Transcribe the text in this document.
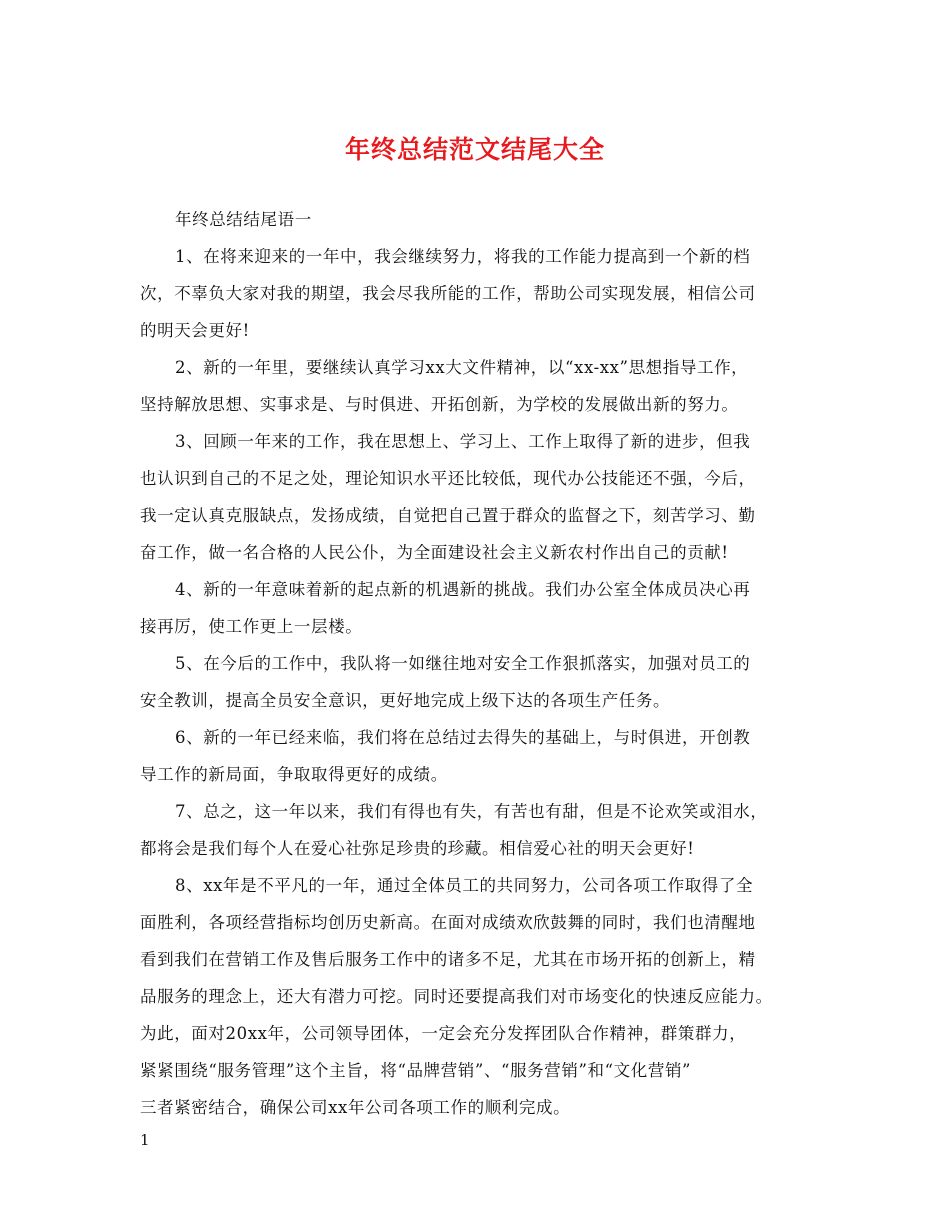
年终总结范文结尾大全
年终总结结尾语一
1、在将来迎来的一年中，我会继续努力，将我的工作能力提高到一个新的档
次，不辜负大家对我的期望，我会尽我所能的工作，帮助公司实现发展，相信公司
的明天会更好!
2、新的一年里，要继续认真学习xx大文件精神，以“xx-xx”思想指导工作，
坚持解放思想、实事求是、与时俱进、开拓创新，为学校的发展做出新的努力。
3、回顾一年来的工作，我在思想上、学习上、工作上取得了新的进步，但我
也认识到自己的不足之处，理论知识水平还比较低，现代办公技能还不强，今后，
我一定认真克服缺点，发扬成绩，自觉把自己置于群众的监督之下，刻苦学习、勤
奋工作，做一名合格的人民公仆，为全面建设社会主义新农村作出自己的贡献!
4、新的一年意味着新的起点新的机遇新的挑战。我们办公室全体成员决心再
接再厉，使工作更上一层楼。
5、在今后的工作中，我队将一如继往地对安全工作狠抓落实，加强对员工的
安全教训，提高全员安全意识，更好地完成上级下达的各项生产任务。
6、新的一年已经来临，我们将在总结过去得失的基础上，与时俱进，开创教
导工作的新局面，争取取得更好的成绩。
7、总之，这一年以来，我们有得也有失，有苦也有甜，但是不论欢笑或泪水，
都将会是我们每个人在爱心社弥足珍贵的珍藏。相信爱心社的明天会更好!
8、xx年是不平凡的一年，通过全体员工的共同努力，公司各项工作取得了全
面胜利，各项经营指标均创历史新高。在面对成绩欢欣鼓舞的同时，我们也清醒地
看到我们在营销工作及售后服务工作中的诸多不足，尤其在市场开拓的创新上，精
品服务的理念上，还大有潜力可挖。同时还要提高我们对市场变化的快速反应能力。
为此，面对20xx年，公司领导团体，一定会充分发挥团队合作精神，群策群力，
紧紧围绕“服务管理”这个主旨，将“品牌营销”、“服务营销”和“文化营销”
三者紧密结合，确保公司xx年公司各项工作的顺利完成。
1
